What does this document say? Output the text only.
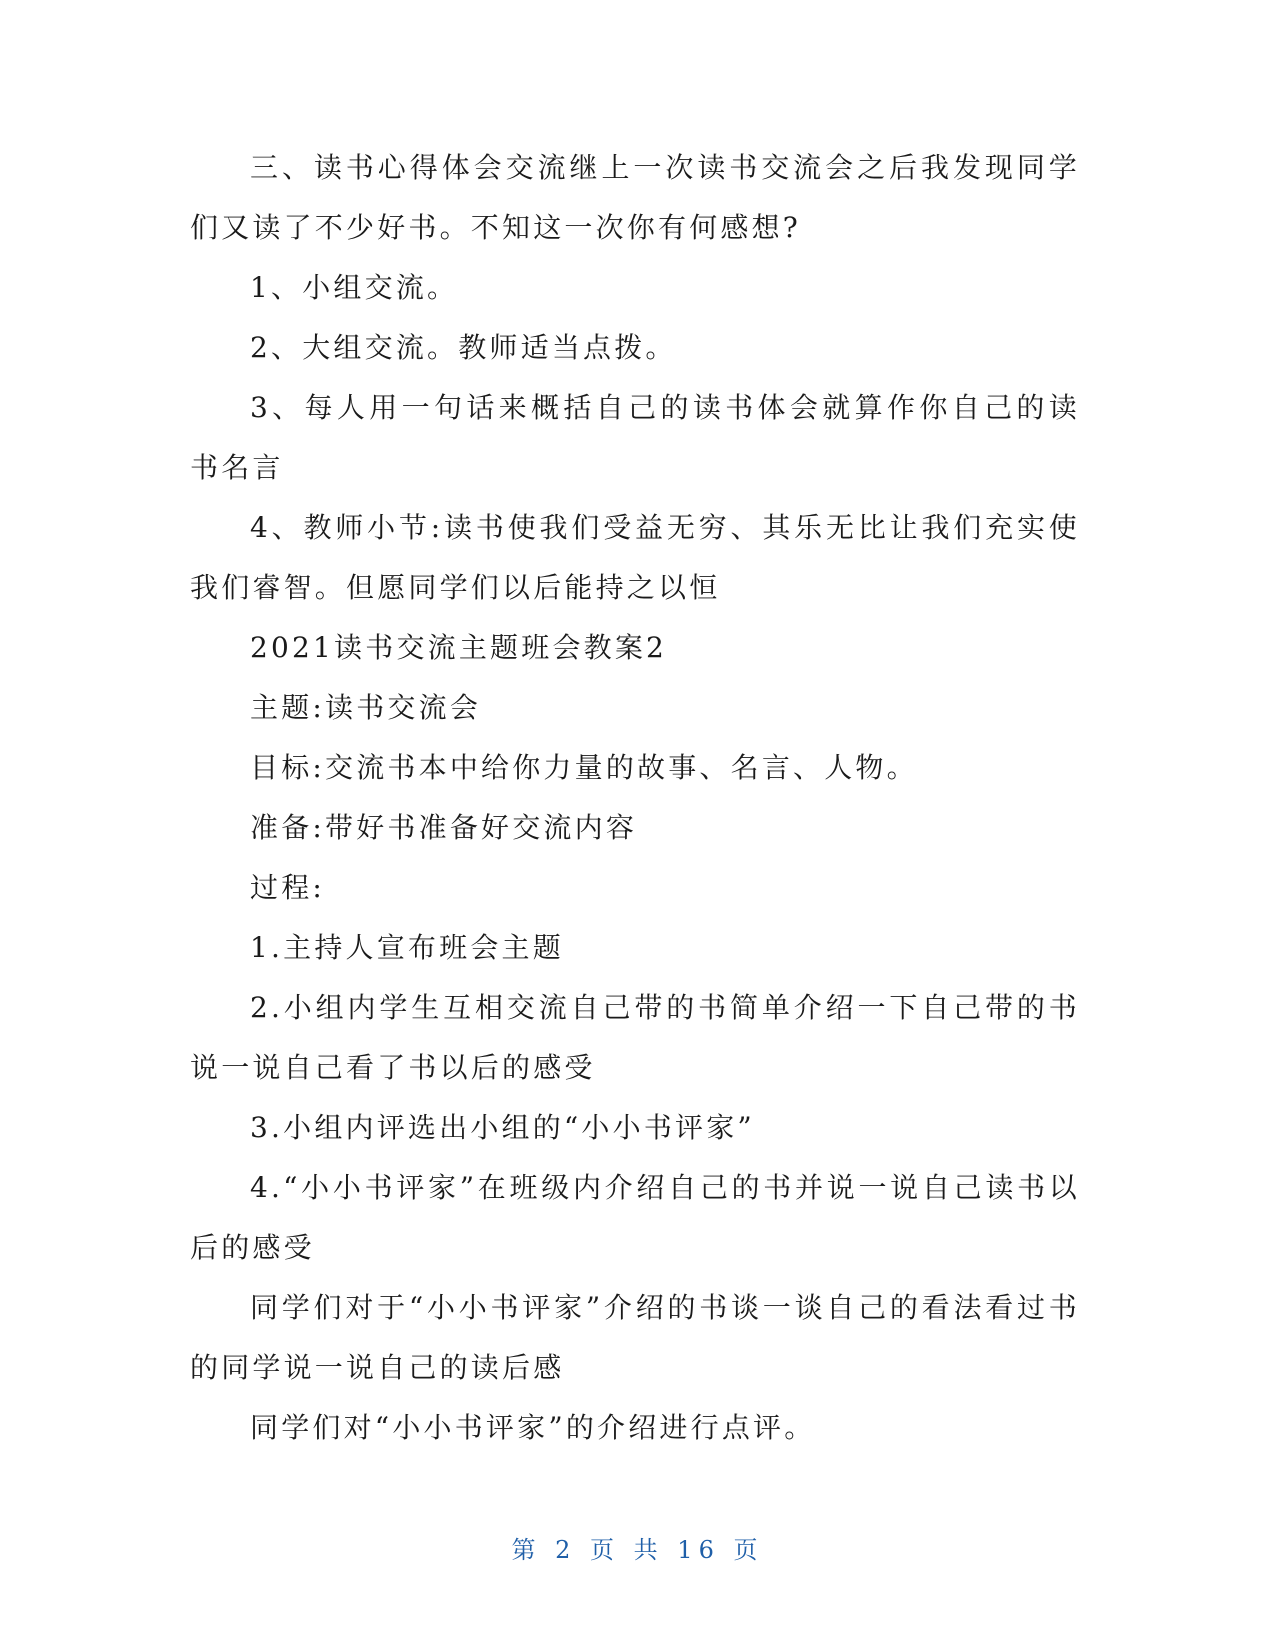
三、读书心得体会交流继上一次读书交流会之后我发现同学们又读了不少好书。不知这一次你有何感想?

1、小组交流。

2、大组交流。教师适当点拨。

3、每人用一句话来概括自己的读书体会就算作你自己的读书名言

4、教师小节:读书使我们受益无穷、其乐无比让我们充实使我们睿智。但愿同学们以后能持之以恒

2021读书交流主题班会教案2

主题:读书交流会

目标:交流书本中给你力量的故事、名言、人物。

准备:带好书准备好交流内容

过程:

1.主持人宣布班会主题

2.小组内学生互相交流自己带的书简单介绍一下自己带的书说一说自己看了书以后的感受

3.小组内评选出小组的“小小书评家”

4.“小小书评家”在班级内介绍自己的书并说一说自己读书以后的感受

同学们对于“小小书评家”介绍的书谈一谈自己的看法看过书的同学说一说自己的读后感

同学们对“小小书评家”的介绍进行点评。

第 2 页 共 16 页
